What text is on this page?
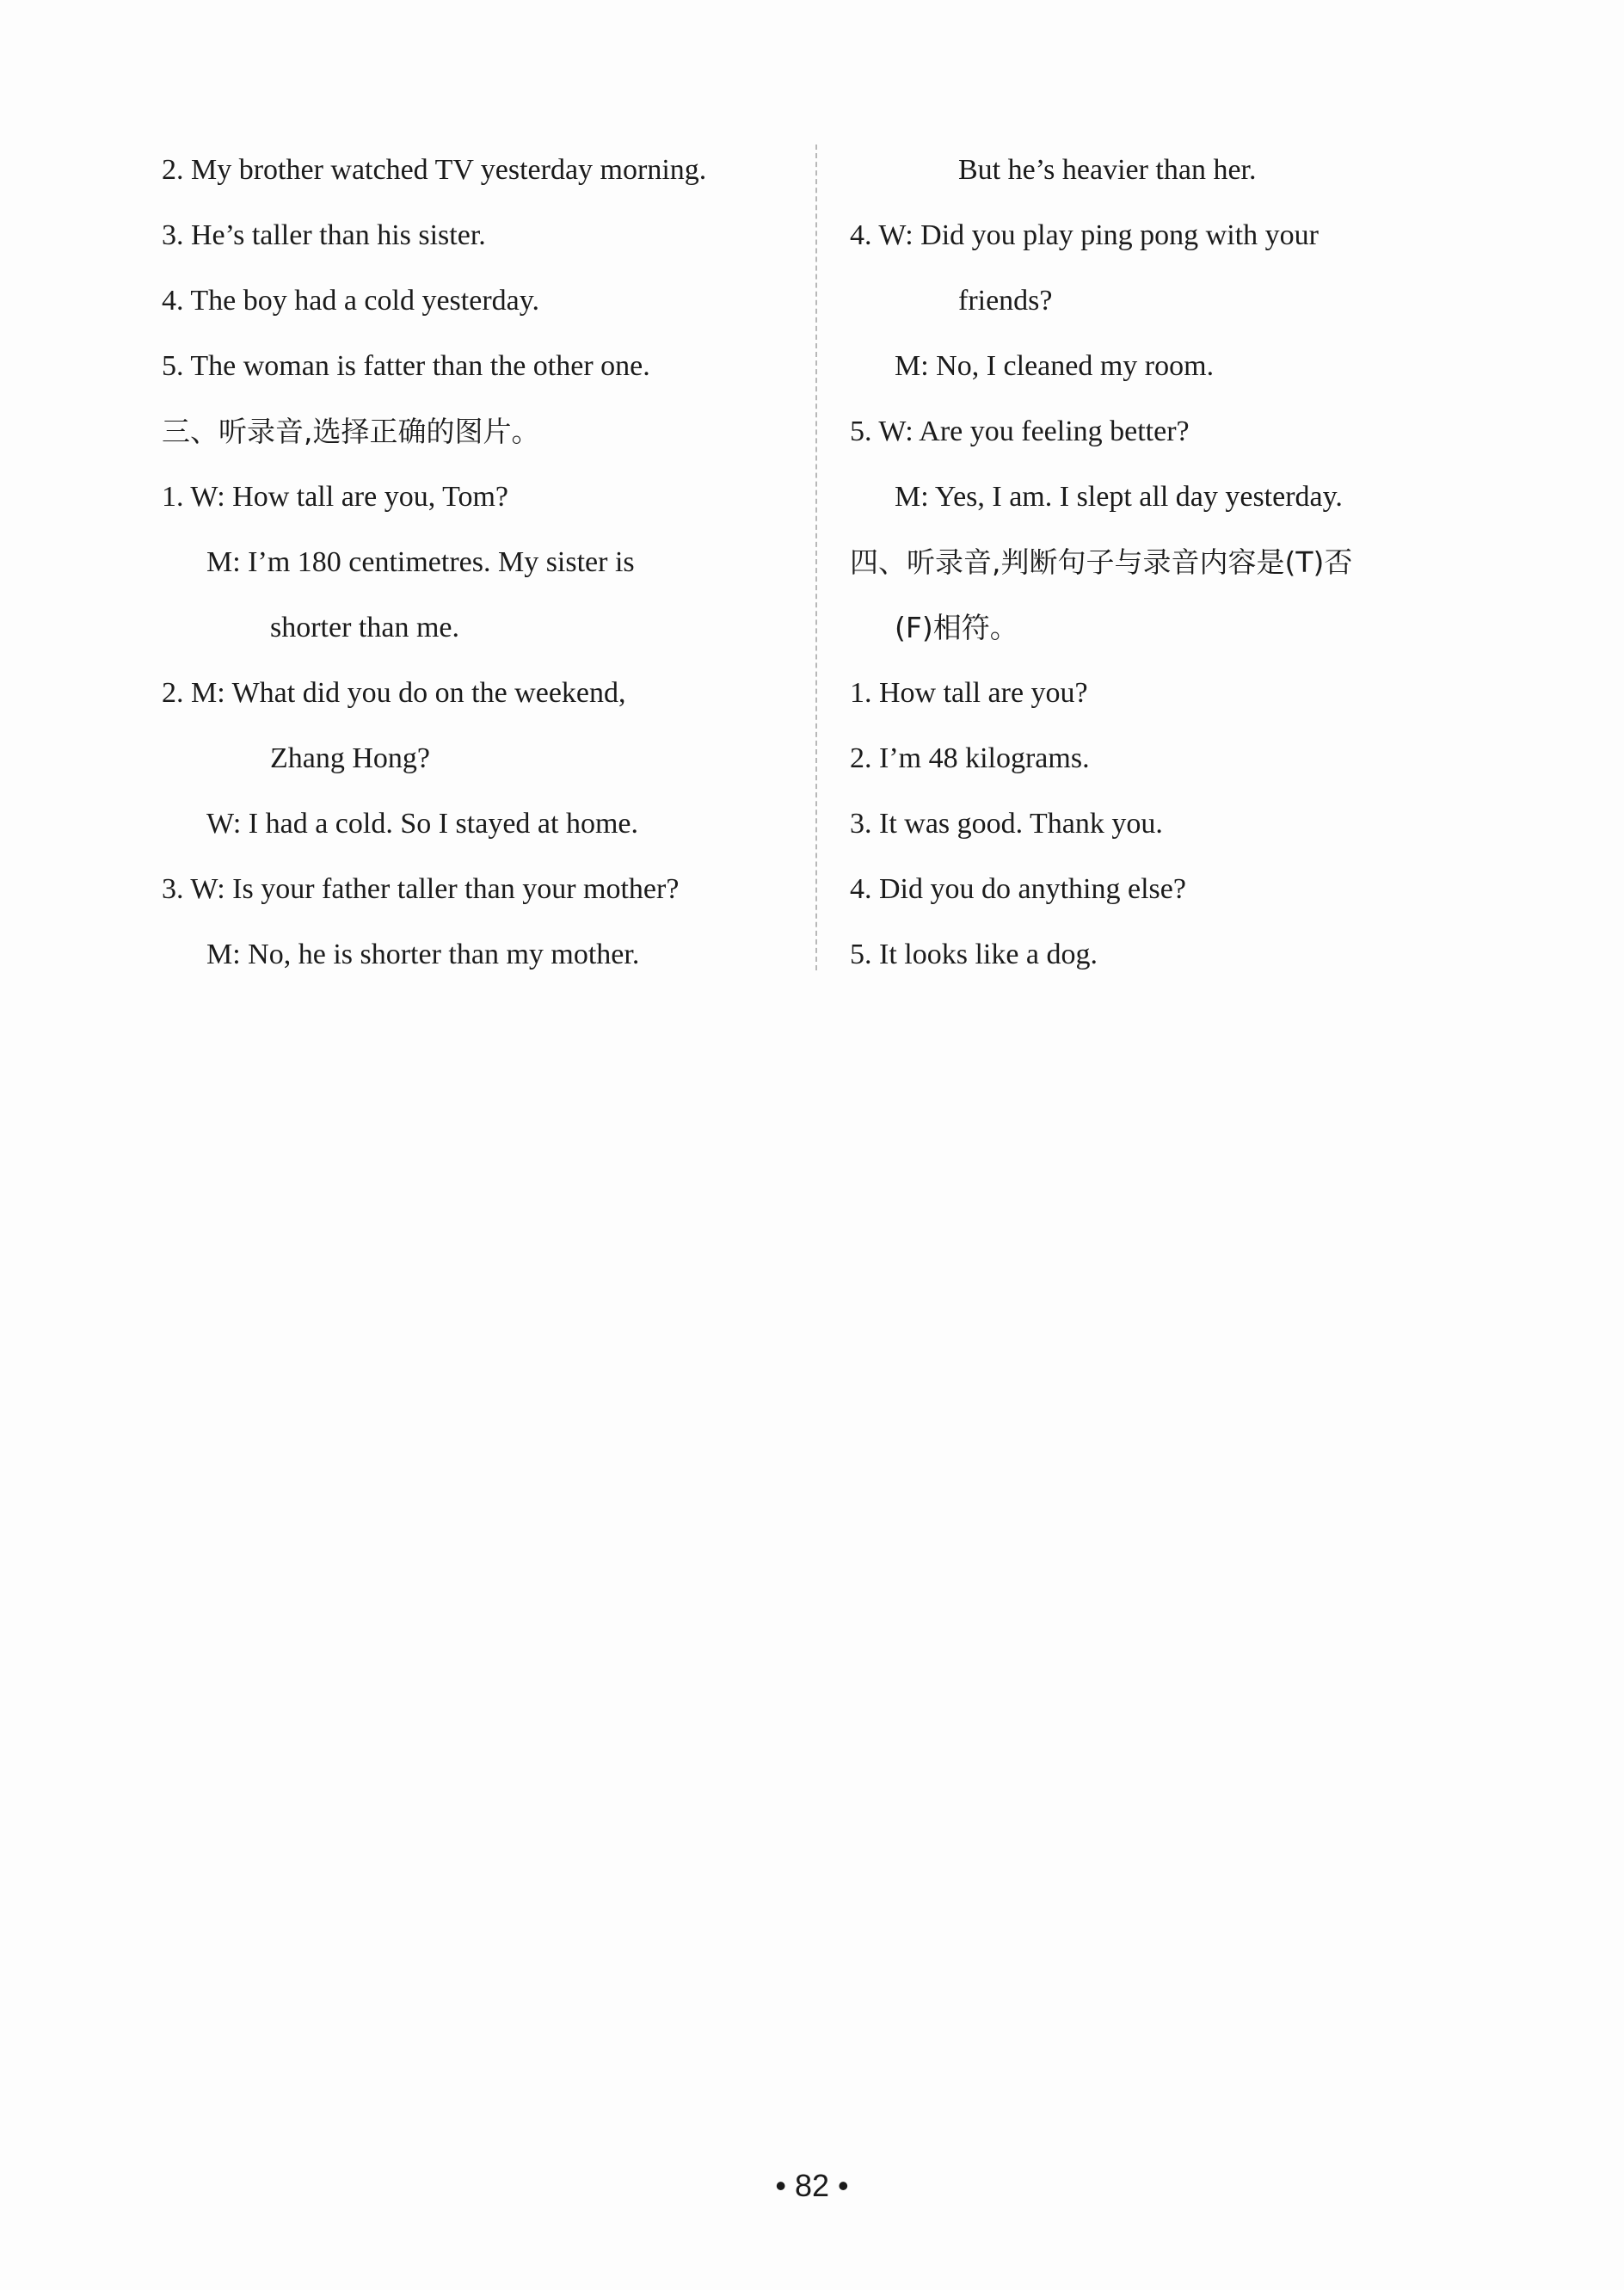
2. My brother watched TV yesterday morning.
3. He’s taller than his sister.
4. The boy had a cold yesterday.
5. The woman is fatter than the other one.
三、听录音,选择正确的图片。
1. W: How tall are you, Tom?
M: I’m 180 centimetres. My sister is
shorter than me.
2. M: What did you do on the weekend,
Zhang Hong?
W: I had a cold. So I stayed at home.
3. W: Is your father taller than your mother?
M: No, he is shorter than my mother.
But he’s heavier than her.
4. W: Did you play ping pong with your
friends?
M: No, I cleaned my room.
5. W: Are you feeling better?
M: Yes, I am. I slept all day yesterday.
四、听录音,判断句子与录音内容是(T)否
(F)相符。
1. How tall are you?
2. I’m 48 kilograms.
3. It was good. Thank you.
4. Did you do anything else?
5. It looks like a dog.
• 82 •
